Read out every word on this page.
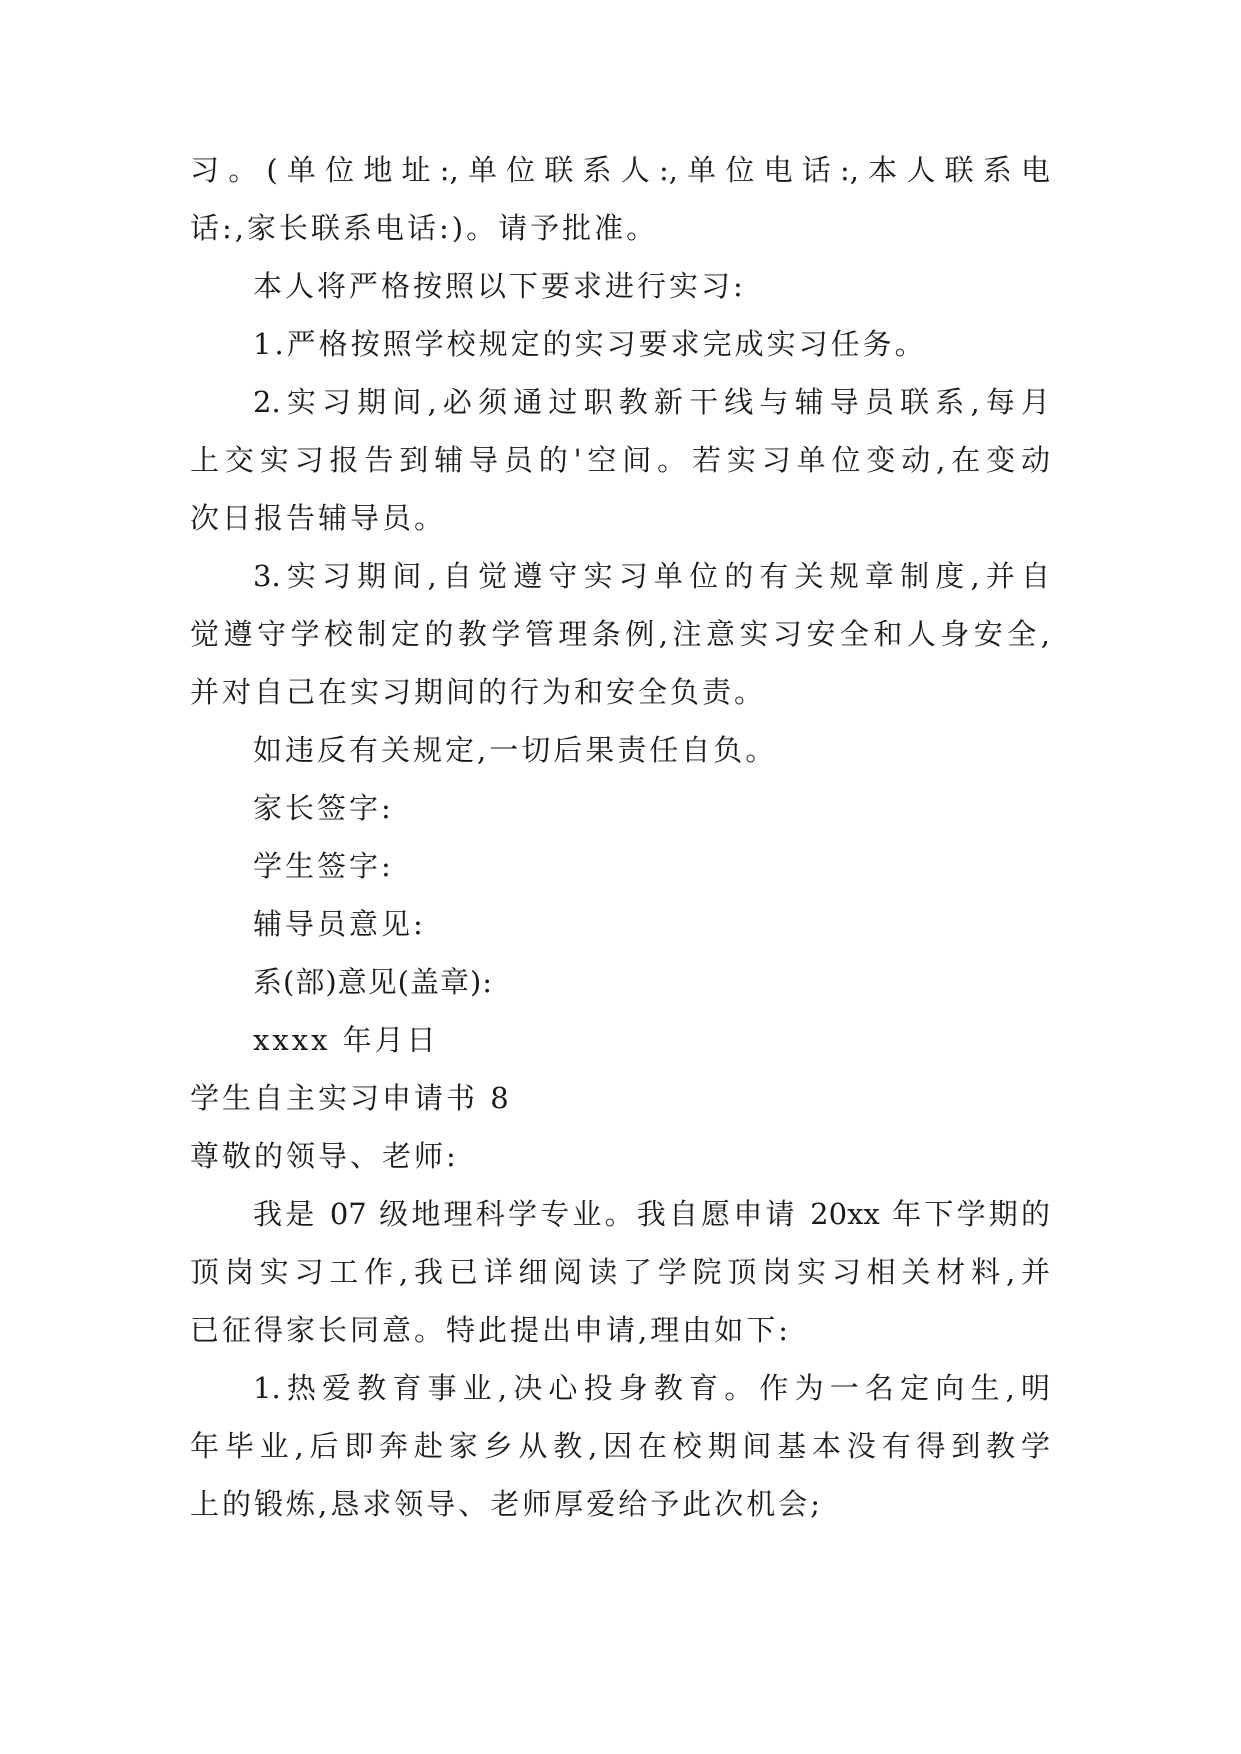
习。(单位地址:,单位联系人:,单位电话:,本人联系电
话:,家长联系电话:)。请予批准。
本人将严格按照以下要求进行实习:
1.严格按照学校规定的实习要求完成实习任务。
2.实习期间,必须通过职教新干线与辅导员联系,每月
上交实习报告到辅导员的'空间。若实习单位变动,在变动
次日报告辅导员。
3.实习期间,自觉遵守实习单位的有关规章制度,并自
觉遵守学校制定的教学管理条例,注意实习安全和人身安全,
并对自己在实习期间的行为和安全负责。
如违反有关规定,一切后果责任自负。
家长签字:
学生签字:
辅导员意见:
系(部)意见(盖章):
xxxx 年月日
学生自主实习申请书 8
尊敬的领导、老师:
我是 07 级地理科学专业。我自愿申请 20xx 年下学期的
顶岗实习工作,我已详细阅读了学院顶岗实习相关材料,并
已征得家长同意。特此提出申请,理由如下:
1.热爱教育事业,决心投身教育。作为一名定向生,明
年毕业,后即奔赴家乡从教,因在校期间基本没有得到教学
上的锻炼,恳求领导、老师厚爱给予此次机会;
